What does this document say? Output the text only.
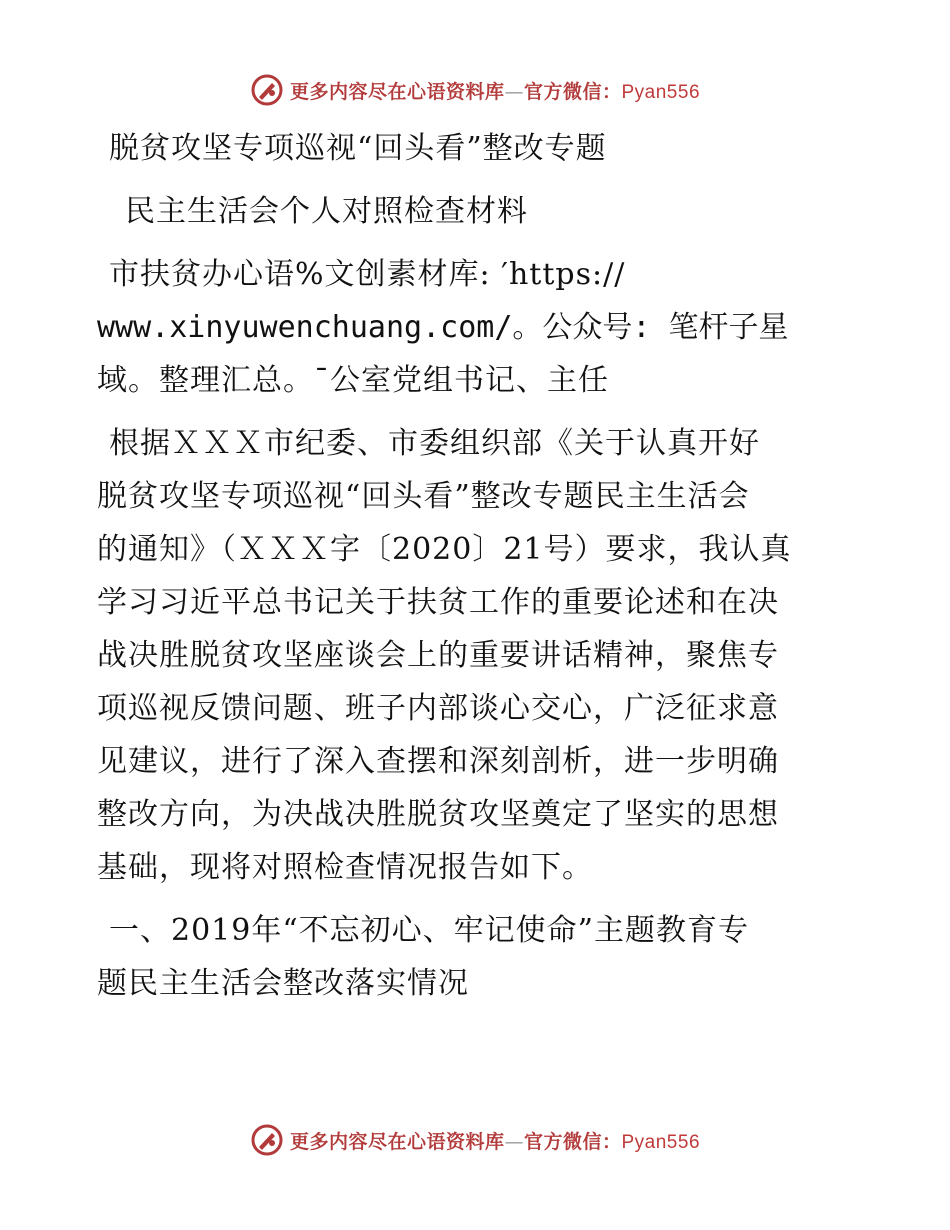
更多内容尽在心语资料库—官方微信：Pyan556
脱贫攻坚专项巡视“回头看”整改专题
民主生活会个人对照检查材料
市扶贫办心语%文创素材库: ′https://
www.xinyuwenchuang.com/。公众号: 笔杆子星
域。整理汇总。¯公室党组书记、主任
根据ＸＸＸ市纪委、市委组织部《关于认真开好
脱贫攻坚专项巡视“回头看”整改专题民主生活会
的通知》（ＸＸＸ字〔2020〕21号）要求，我认真
学习习近平总书记关于扶贫工作的重要论述和在决
战决胜脱贫攻坚座谈会上的重要讲话精神，聚焦专
项巡视反馈问题、班子内部谈心交心，广泛征求意
见建议，进行了深入查摆和深刻剖析，进一步明确
整改方向，为决战决胜脱贫攻坚奠定了坚实的思想
基础，现将对照检查情况报告如下。
一、2019年“不忘初心、牢记使命”主题教育专
题民主生活会整改落实情况
更多内容尽在心语资料库—官方微信：Pyan556
